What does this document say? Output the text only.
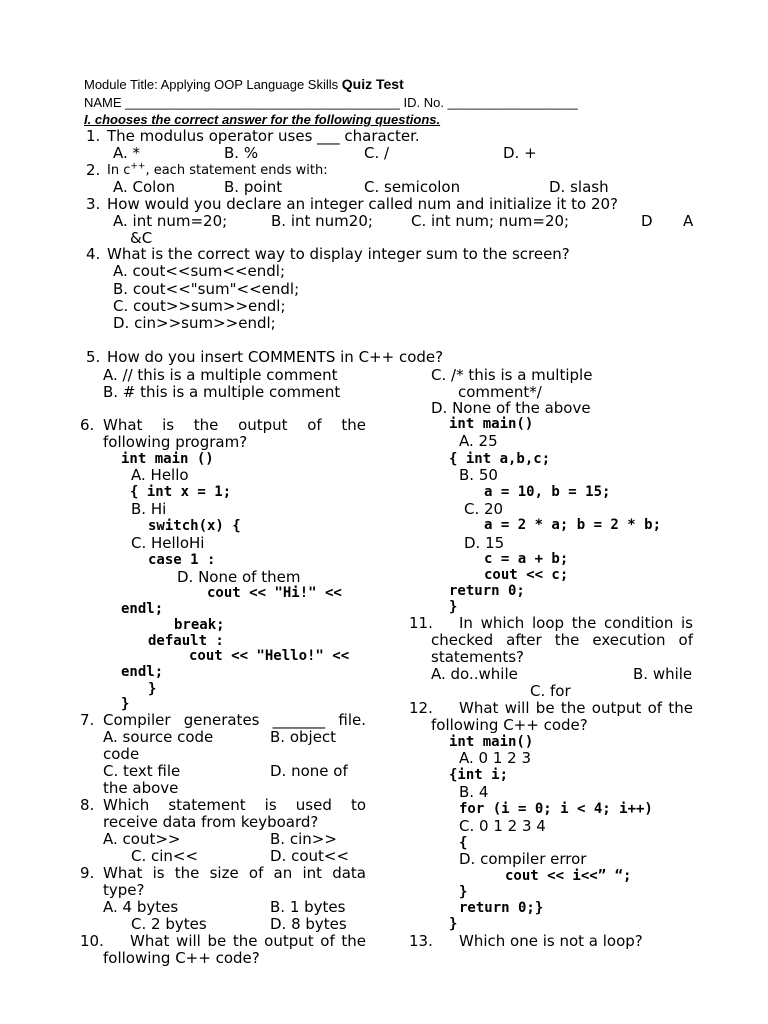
Module Title: Applying OOP Language Skills Quiz Test
NAME ______________________________________ ID. No. __________________
I. chooses the correct answer for the following questions.
1. The modulus operator uses ___ character.
A. *	B. %	C. /	D. +
2. In c++, each statement ends with:
A. Colon	B. point	C. semicolon	D. slash
3. How would you declare an integer called num and initialize it to 20?
A. int num=20;	B. int num20;	C. int num; num=20;	D A
&C
4. What is the correct way to display integer sum to the screen?
A. cout<<sum<<endl;
B. cout<<"sum"<<endl;
C. cout>>sum>>endl;
D. cin>>sum>>endl;
5. How do you insert COMMENTS in C++ code?
A. // this is a multiple comment
B. # this is a multiple comment
C. /* this is a multiple
comment*/
D. None of the above
6. What is the output of the
following program?
int main ()
A. Hello
{ int x = 1;
B. Hi
switch(x) {
C. HelloHi
case 1 :
D. None of them
cout << "Hi!" <<
endl;
break;
default :
cout << "Hello!" <<
endl;
}
}
7. Compiler generates _______ file.
A. source code	B. object
code
C. text file	D. none of
the above
8. Which statement is used to
receive data from keyboard?
A. cout>>	B. cin>>
C. cin<<	D. cout<<
9. What is the size of an int data
type?
A. 4 bytes	B. 1 bytes
C. 2 bytes	D. 8 bytes
10. What will be the output of the
following C++ code?
int main()
A. 25
{ int a,b,c;
B. 50
a = 10, b = 15;
C. 20
a = 2 * a; b = 2 * b;
D. 15
c = a + b;
cout << c;
return 0;
}
11. In which loop the condition is
checked after the execution of
statements?
A. do..while	B. while
C. for
12. What will be the output of the
following C++ code?
int main()
A. 0 1 2 3
{int i;
B. 4
for (i = 0; i < 4; i++)
C. 0 1 2 3 4
{
D. compiler error
cout << i<<” “;
}
return 0;}
}
13. Which one is not a loop?
